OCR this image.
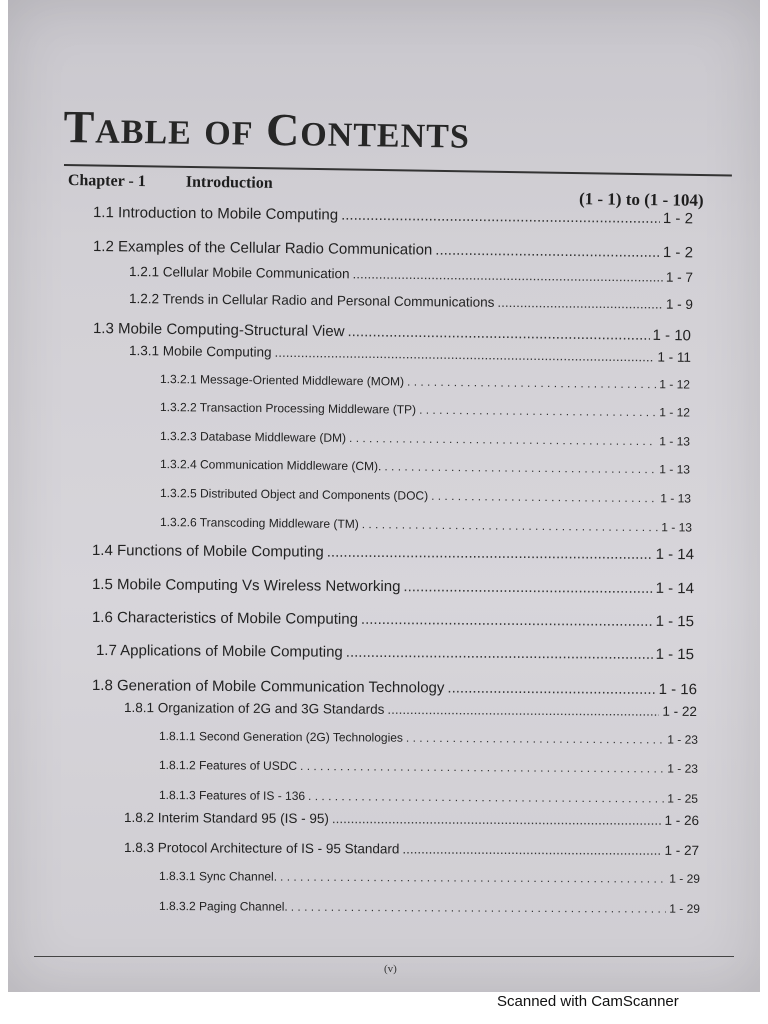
TABLE OF CONTENTS
Chapter - 1 Introduction
(1 - 1) to (1 - 104)
1.1 Introduction to Mobile Computing .....	1 - 2
1.2 Examples of the Cellular Radio Communication .....	1 - 2
1.2.1 Cellular Mobile Communication .....	1 - 7
1.2.2 Trends in Cellular Radio and Personal Communications .....	1 - 9
1.3 Mobile Computing-Structural View .....	1 - 10
1.3.1 Mobile Computing .....	1 - 11
1.3.2.1 Message-Oriented Middleware (MOM) . . .	1 - 12
1.3.2.2 Transaction Processing Middleware (TP) . . .	1 - 12
1.3.2.3 Database Middleware (DM) . . .	1 - 13
1.3.2.4 Communication Middleware (CM). . . .	1 - 13
1.3.2.5 Distributed Object and Components (DOC) . . .	1 - 13
1.3.2.6 Transcoding Middleware (TM) . . .	1 - 13
1.4 Functions of Mobile Computing .....	1 - 14
1.5 Mobile Computing Vs Wireless Networking .....	1 - 14
1.6 Characteristics of Mobile Computing .....	1 - 15
1.7 Applications of Mobile Computing .....	1 - 15
1.8 Generation of Mobile Communication Technology .....	1 - 16
1.8.1 Organization of 2G and 3G Standards .....	1 - 22
1.8.1.1 Second Generation (2G) Technologies . . .	1 - 23
1.8.1.2 Features of USDC . . .	1 - 23
1.8.1.3 Features of IS - 136 . . .	1 - 25
1.8.2 Interim Standard 95 (IS - 95) .....	1 - 26
1.8.3 Protocol Architecture of IS - 95 Standard .....	1 - 27
1.8.3.1 Sync Channel. . . .	1 - 29
1.8.3.2 Paging Channel. . . .	1 - 29
(v)
Scanned with CamScanner
